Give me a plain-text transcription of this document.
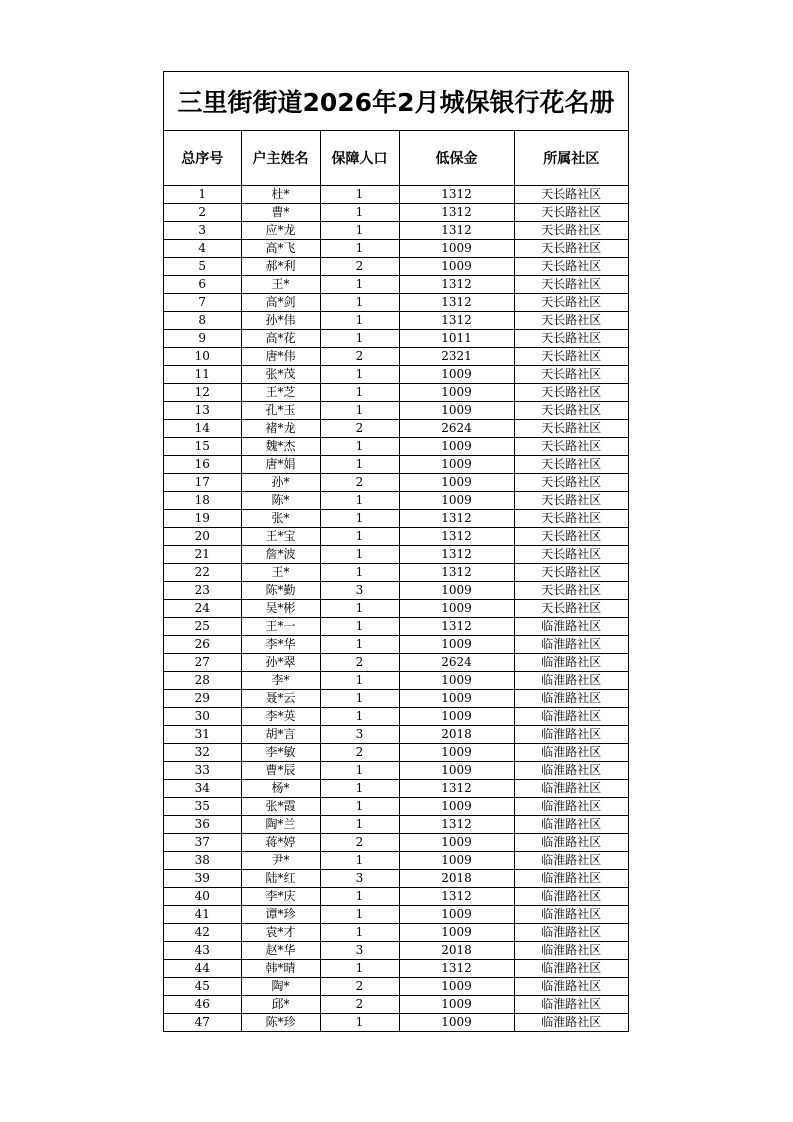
三里街街道2026年2月城保银行花名册
总序号	户主姓名	保障人口	低保金	所属社区
1	杜*	1	1312	天长路社区
2	曹*	1	1312	天长路社区
3	应*龙	1	1312	天长路社区
4	高*飞	1	1009	天长路社区
5	郝*利	2	1009	天长路社区
6	王*	1	1312	天长路社区
7	高*剑	1	1312	天长路社区
8	孙*伟	1	1312	天长路社区
9	高*花	1	1011	天长路社区
10	唐*伟	2	2321	天长路社区
11	张*茂	1	1009	天长路社区
12	王*芝	1	1009	天长路社区
13	孔*玉	1	1009	天长路社区
14	褚*龙	2	2624	天长路社区
15	魏*杰	1	1009	天长路社区
16	唐*娟	1	1009	天长路社区
17	孙*	2	1009	天长路社区
18	陈*	1	1009	天长路社区
19	张*	1	1312	天长路社区
20	王*宝	1	1312	天长路社区
21	詹*波	1	1312	天长路社区
22	王*	1	1312	天长路社区
23	陈*勤	3	1009	天长路社区
24	吴*彬	1	1009	天长路社区
25	王*一	1	1312	临淮路社区
26	李*华	1	1009	临淮路社区
27	孙*翠	2	2624	临淮路社区
28	李*	1	1009	临淮路社区
29	聂*云	1	1009	临淮路社区
30	李*英	1	1009	临淮路社区
31	胡*言	3	2018	临淮路社区
32	李*敏	2	1009	临淮路社区
33	曹*辰	1	1009	临淮路社区
34	杨*	1	1312	临淮路社区
35	张*霞	1	1009	临淮路社区
36	陶*兰	1	1312	临淮路社区
37	蒋*婷	2	1009	临淮路社区
38	尹*	1	1009	临淮路社区
39	陆*红	3	2018	临淮路社区
40	李*庆	1	1312	临淮路社区
41	谭*珍	1	1009	临淮路社区
42	袁*才	1	1009	临淮路社区
43	赵*华	3	2018	临淮路社区
44	韩*晴	1	1312	临淮路社区
45	陶*	2	1009	临淮路社区
46	邱*	2	1009	临淮路社区
47	陈*珍	1	1009	临淮路社区
